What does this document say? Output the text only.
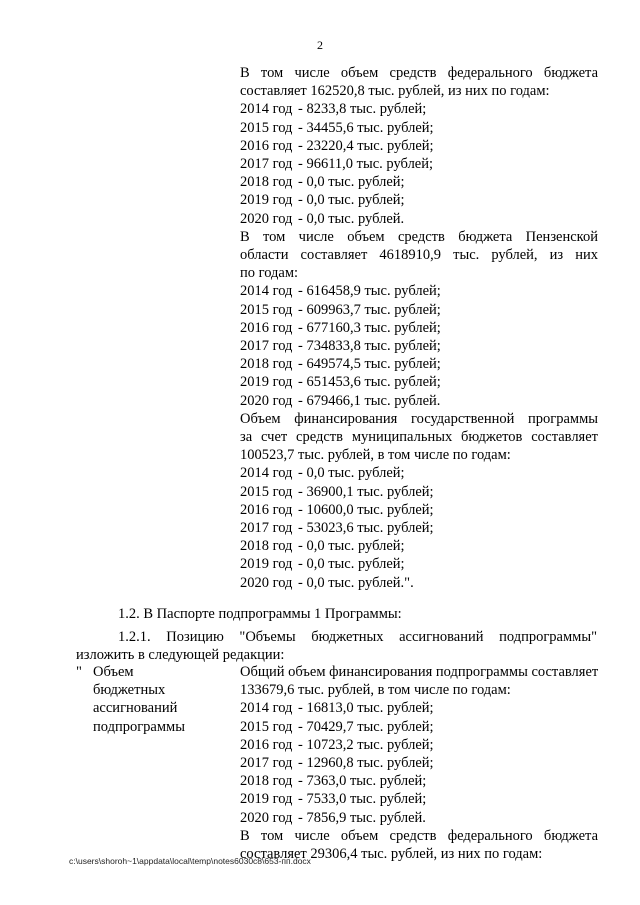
2
В том числе объем средств федерального бюджета
составляет 162520,8 тыс. рублей, из них по годам:
2014 год - 8233,8 тыс. рублей;
2015 год - 34455,6 тыс. рублей;
2016 год - 23220,4 тыс. рублей;
2017 год - 96611,0 тыс. рублей;
2018 год - 0,0 тыс. рублей;
2019 год - 0,0 тыс. рублей;
2020 год - 0,0 тыс. рублей.
В том числе объем средств бюджета Пензенской
области составляет 4618910,9 тыс. рублей, из них
по годам:
2014 год - 616458,9 тыс. рублей;
2015 год - 609963,7 тыс. рублей;
2016 год - 677160,3 тыс. рублей;
2017 год - 734833,8 тыс. рублей;
2018 год - 649574,5 тыс. рублей;
2019 год - 651453,6 тыс. рублей;
2020 год - 679466,1 тыс. рублей.
Объем финансирования государственной программы
за счет средств муниципальных бюджетов составляет
100523,7 тыс. рублей, в том числе по годам:
2014 год - 0,0 тыс. рублей;
2015 год - 36900,1 тыс. рублей;
2016 год - 10600,0 тыс. рублей;
2017 год - 53023,6 тыс. рублей;
2018 год - 0,0 тыс. рублей;
2019 год - 0,0 тыс. рублей;
2020 год - 0,0 тыс. рублей.".
1.2. В Паспорте подпрограммы 1 Программы:
1.2.1. Позицию "Объемы бюджетных ассигнований подпрограммы"
изложить в следующей редакции:
" Объем
бюджетных
ассигнований
подпрограммы
Общий объем финансирования подпрограммы составляет
133679,6 тыс. рублей, в том числе по годам:
2014 год - 16813,0 тыс. рублей;
2015 год - 70429,7 тыс. рублей;
2016 год - 10723,2 тыс. рублей;
2017 год - 12960,8 тыс. рублей;
2018 год - 7363,0 тыс. рублей;
2019 год - 7533,0 тыс. рублей;
2020 год - 7856,9 тыс. рублей.
В том числе объем средств федерального бюджета
составляет 29306,4 тыс. рублей, из них по годам:
c:\users\shoroh~1\appdata\local\temp\notes6030c8\653-пп.docx
